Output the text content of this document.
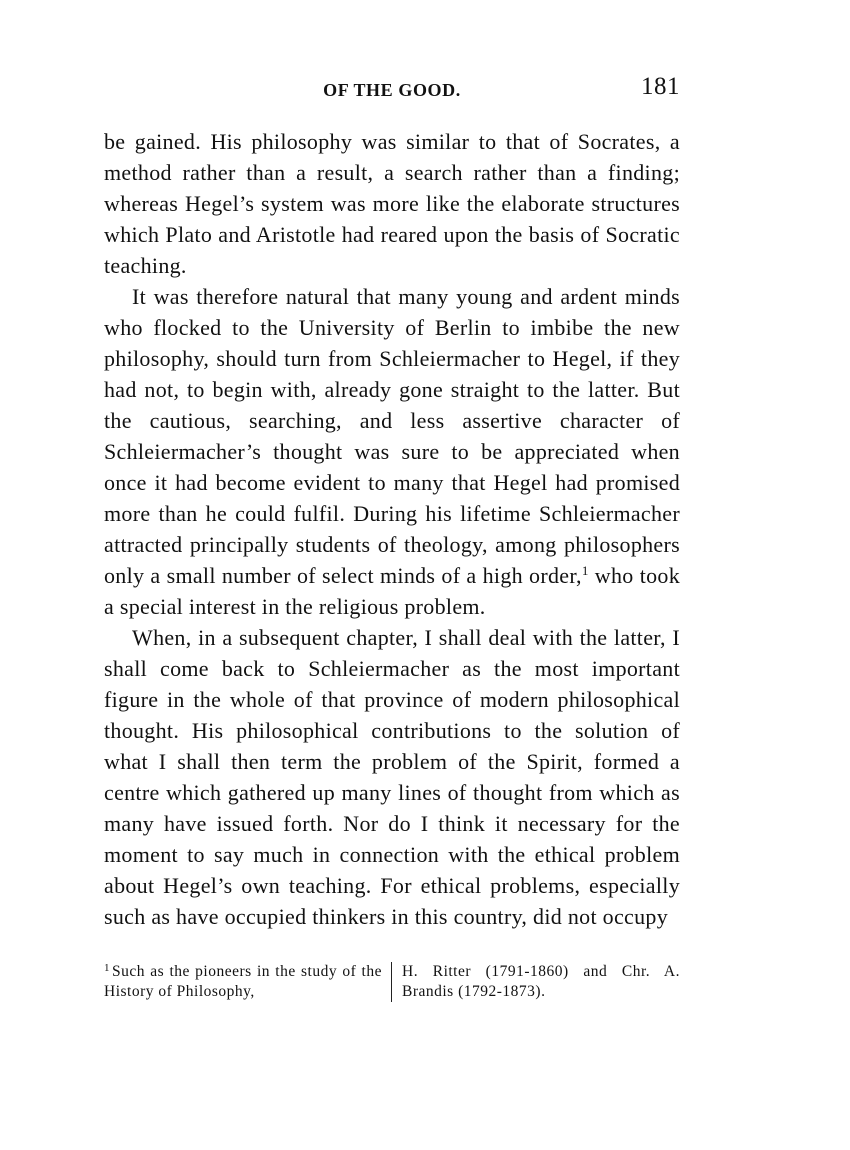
OF THE GOOD.	181

be gained. His philosophy was similar to that of Socrates, a method rather than a result, a search rather than a finding; whereas Hegel’s system was more like the elaborate structures which Plato and Aristotle had reared upon the basis of Socratic teaching.

It was therefore natural that many young and ardent minds who flocked to the University of Berlin to imbibe the new philosophy, should turn from Schleiermacher to Hegel, if they had not, to begin with, already gone straight to the latter. But the cautious, searching, and less assertive character of Schleiermacher’s thought was sure to be appreciated when once it had become evident to many that Hegel had promised more than he could fulfil. During his lifetime Schleiermacher attracted principally students of theology, among philosophers only a small number of select minds of a high order,$^1$ who took a special interest in the religious problem.

When, in a subsequent chapter, I shall deal with the latter, I shall come back to Schleiermacher as the most important figure in the whole of that province of modern philosophical thought. His philosophical contributions to the solution of what I shall then term the problem of the Spirit, formed a centre which gathered up many lines of thought from which as many have issued forth. Nor do I think it necessary for the moment to say much in connection with the ethical problem about Hegel’s own teaching. For ethical problems, especially such as have occupied thinkers in this country, did not occupy

$^1$ Such as the pioneers in the study of the History of Philosophy,
H. Ritter (1791-1860) and Chr. A. Brandis (1792-1873).
